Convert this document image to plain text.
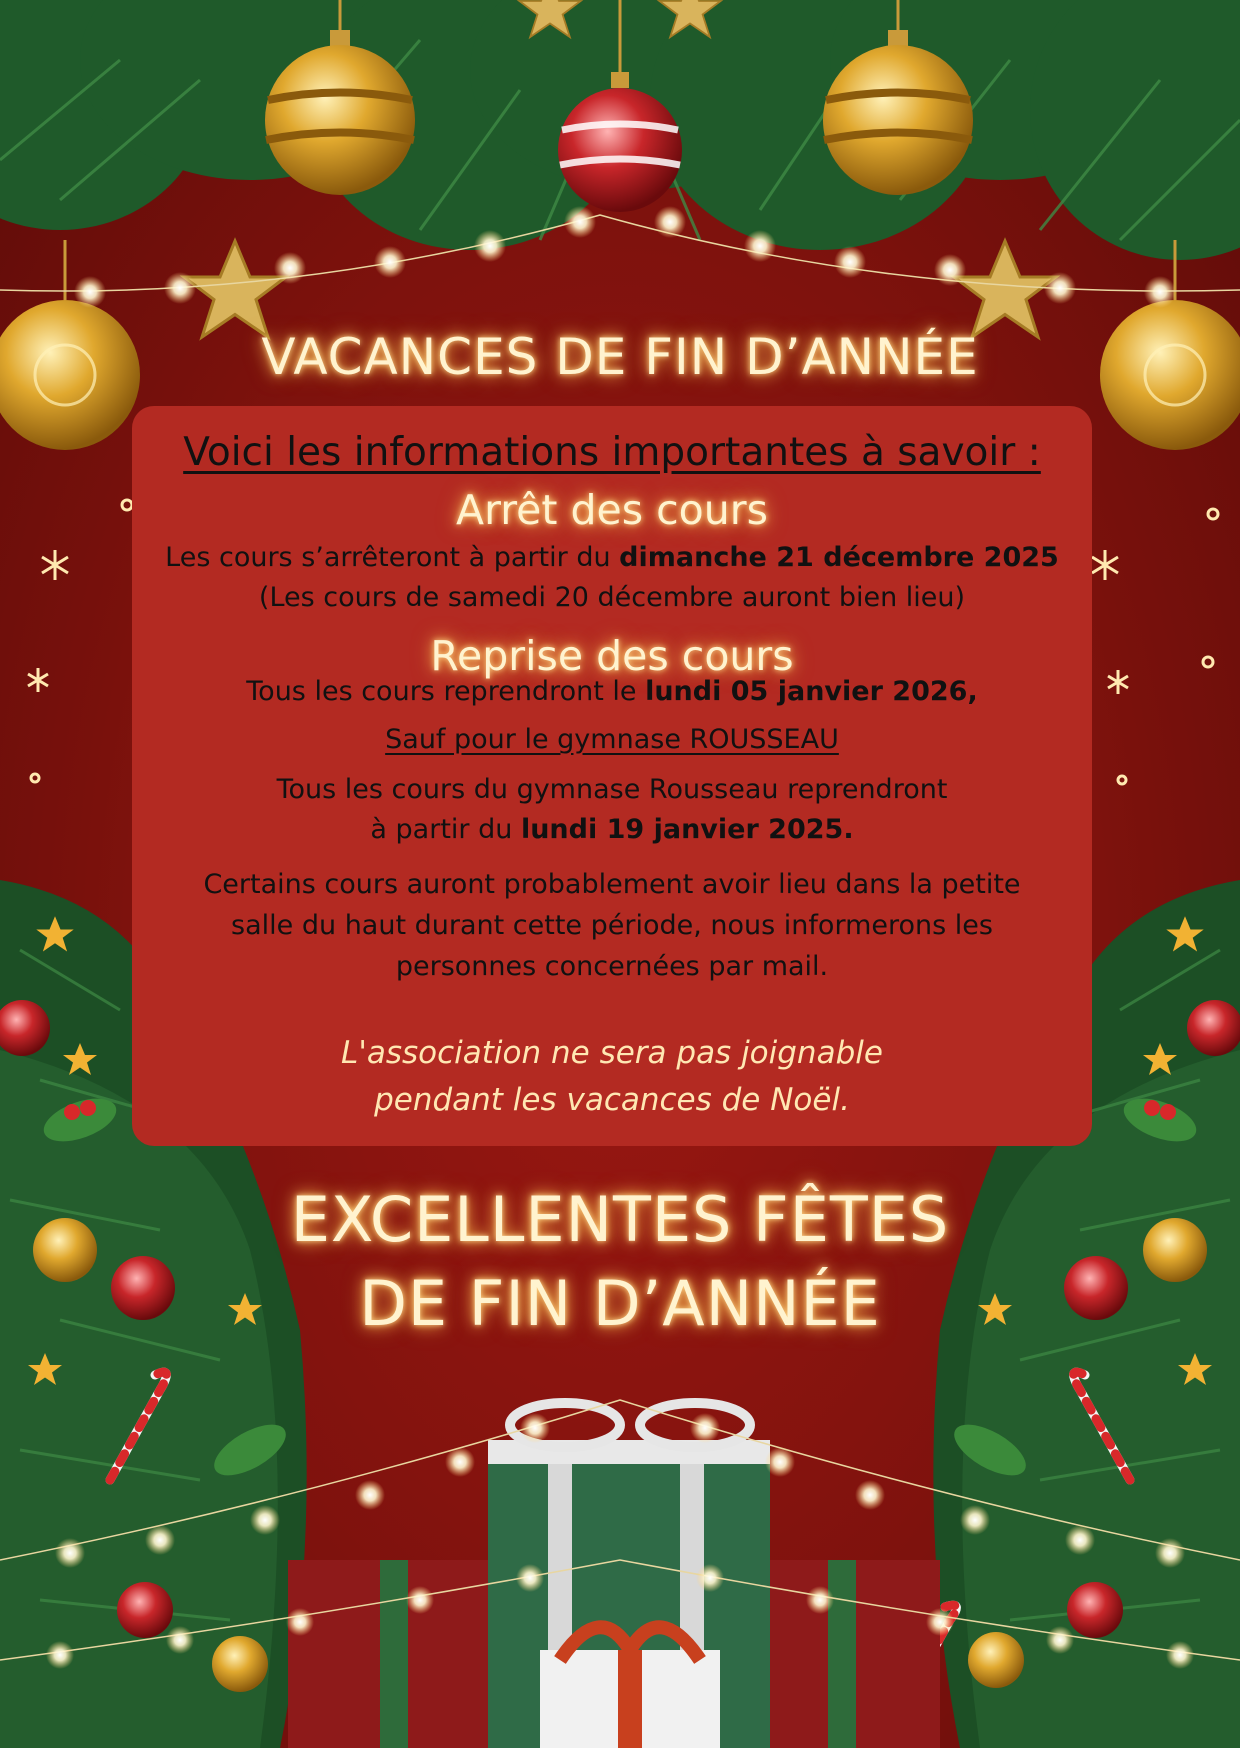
VACANCES DE FIN D’ANNÉE
Voici les informations importantes à savoir :
Arrêt des cours
Les cours s’arrêteront à partir du dimanche 21 décembre 2025
(Les cours de samedi 20 décembre auront bien lieu)
Reprise des cours
Tous les cours reprendront le lundi 05 janvier 2026,
Sauf pour le gymnase ROUSSEAU
Tous les cours du gymnase Rousseau reprendront
à partir du lundi 19 janvier 2025.
Certains cours auront probablement avoir lieu dans la petite
salle du haut durant cette période, nous informerons les
personnes concernées par mail.
L'association ne sera pas joignable
pendant les vacances de Noël.
EXCELLENTES FÊTES
DE FIN D’ANNÉE
